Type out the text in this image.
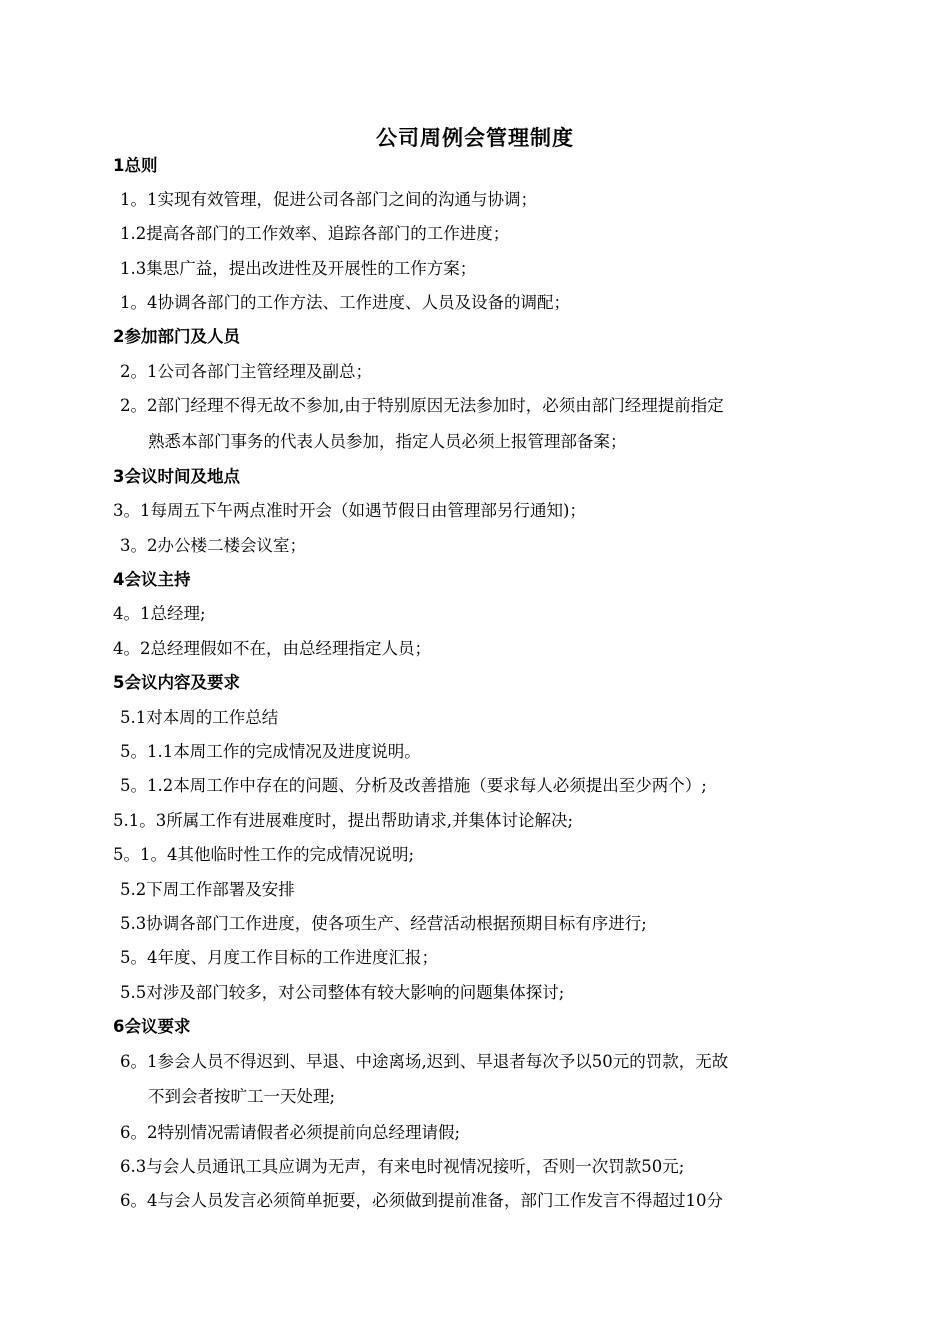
公司周例会管理制度
1总则
1。1实现有效管理，促进公司各部门之间的沟通与协调；
1.2提高各部门的工作效率、追踪各部门的工作进度；
1.3集思广益，提出改进性及开展性的工作方案；
1。4协调各部门的工作方法、工作进度、人员及设备的调配；
2参加部门及人员
2。1公司各部门主管经理及副总；
2。2部门经理不得无故不参加,由于特别原因无法参加时，必须由部门经理提前指定
熟悉本部门事务的代表人员参加，指定人员必须上报管理部备案；
3会议时间及地点
3。1每周五下午两点准时开会（如遇节假日由管理部另行通知)；
3。2办公楼二楼会议室；
4会议主持
4。1总经理;
4。2总经理假如不在，由总经理指定人员；
5会议内容及要求
5.1对本周的工作总结
5。1.1本周工作的完成情况及进度说明。
5。1.2本周工作中存在的问题、分析及改善措施（要求每人必须提出至少两个）;
5.1。3所属工作有进展难度时，提出帮助请求,并集体讨论解决;
5。1。4其他临时性工作的完成情况说明;
5.2下周工作部署及安排
5.3协调各部门工作进度，使各项生产、经营活动根据预期目标有序进行;
5。4年度、月度工作目标的工作进度汇报；
5.5对涉及部门较多，对公司整体有较大影响的问题集体探讨;
6会议要求
6。1参会人员不得迟到、早退、中途离场,迟到、早退者每次予以50元的罚款，无故
不到会者按旷工一天处理;
6。2特别情况需请假者必须提前向总经理请假;
6.3与会人员通讯工具应调为无声，有来电时视情况接听，否则一次罚款50元;
6。4与会人员发言必须简单扼要，必须做到提前准备，部门工作发言不得超过10分
